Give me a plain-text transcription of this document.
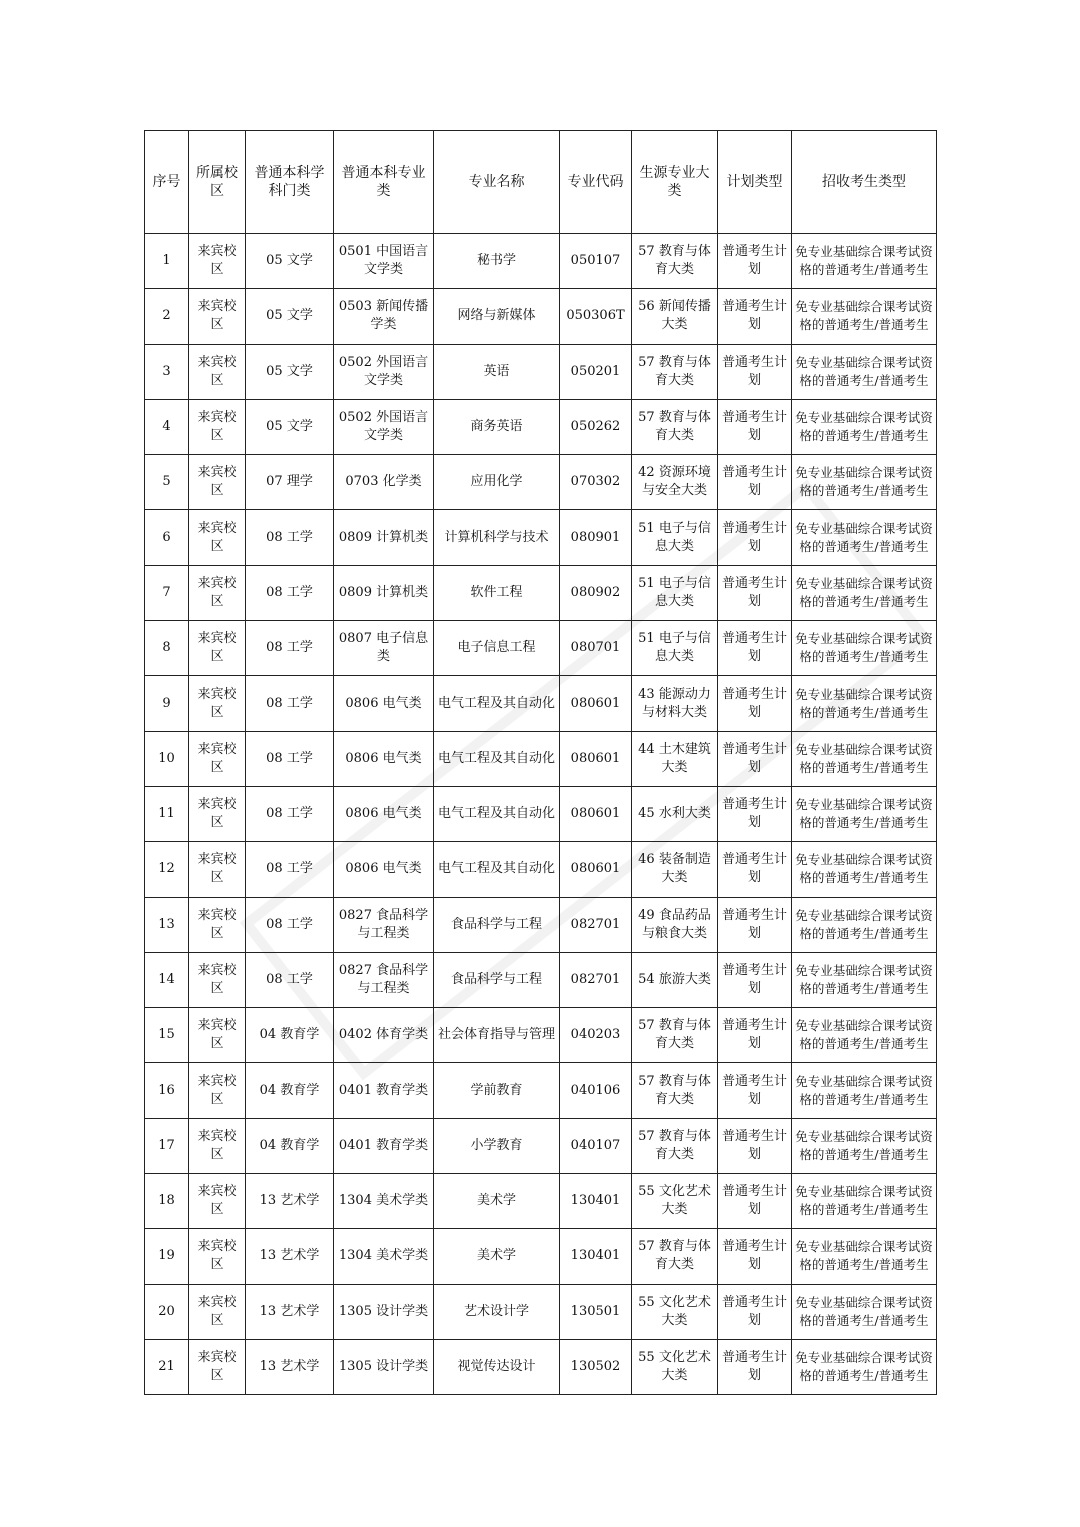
序号	所属校区	普通本科学科门类	普通本科专业类	专业名称	专业代码	生源专业大类	计划类型	招收考生类型
1	来宾校区	05 文学	0501 中国语言文学类	秘书学	050107	57 教育与体育大类	普通考生计划	免专业基础综合课考试资格的普通考生/普通考生
2	来宾校区	05 文学	0503 新闻传播学类	网络与新媒体	050306T	56 新闻传播大类	普通考生计划	免专业基础综合课考试资格的普通考生/普通考生
3	来宾校区	05 文学	0502 外国语言文学类	英语	050201	57 教育与体育大类	普通考生计划	免专业基础综合课考试资格的普通考生/普通考生
4	来宾校区	05 文学	0502 外国语言文学类	商务英语	050262	57 教育与体育大类	普通考生计划	免专业基础综合课考试资格的普通考生/普通考生
5	来宾校区	07 理学	0703 化学类	应用化学	070302	42 资源环境与安全大类	普通考生计划	免专业基础综合课考试资格的普通考生/普通考生
6	来宾校区	08 工学	0809 计算机类	计算机科学与技术	080901	51 电子与信息大类	普通考生计划	免专业基础综合课考试资格的普通考生/普通考生
7	来宾校区	08 工学	0809 计算机类	软件工程	080902	51 电子与信息大类	普通考生计划	免专业基础综合课考试资格的普通考生/普通考生
8	来宾校区	08 工学	0807 电子信息类	电子信息工程	080701	51 电子与信息大类	普通考生计划	免专业基础综合课考试资格的普通考生/普通考生
9	来宾校区	08 工学	0806 电气类	电气工程及其自动化	080601	43 能源动力与材料大类	普通考生计划	免专业基础综合课考试资格的普通考生/普通考生
10	来宾校区	08 工学	0806 电气类	电气工程及其自动化	080601	44 土木建筑大类	普通考生计划	免专业基础综合课考试资格的普通考生/普通考生
11	来宾校区	08 工学	0806 电气类	电气工程及其自动化	080601	45 水利大类	普通考生计划	免专业基础综合课考试资格的普通考生/普通考生
12	来宾校区	08 工学	0806 电气类	电气工程及其自动化	080601	46 装备制造大类	普通考生计划	免专业基础综合课考试资格的普通考生/普通考生
13	来宾校区	08 工学	0827 食品科学与工程类	食品科学与工程	082701	49 食品药品与粮食大类	普通考生计划	免专业基础综合课考试资格的普通考生/普通考生
14	来宾校区	08 工学	0827 食品科学与工程类	食品科学与工程	082701	54 旅游大类	普通考生计划	免专业基础综合课考试资格的普通考生/普通考生
15	来宾校区	04 教育学	0402 体育学类	社会体育指导与管理	040203	57 教育与体育大类	普通考生计划	免专业基础综合课考试资格的普通考生/普通考生
16	来宾校区	04 教育学	0401 教育学类	学前教育	040106	57 教育与体育大类	普通考生计划	免专业基础综合课考试资格的普通考生/普通考生
17	来宾校区	04 教育学	0401 教育学类	小学教育	040107	57 教育与体育大类	普通考生计划	免专业基础综合课考试资格的普通考生/普通考生
18	来宾校区	13 艺术学	1304 美术学类	美术学	130401	55 文化艺术大类	普通考生计划	免专业基础综合课考试资格的普通考生/普通考生
19	来宾校区	13 艺术学	1304 美术学类	美术学	130401	57 教育与体育大类	普通考生计划	免专业基础综合课考试资格的普通考生/普通考生
20	来宾校区	13 艺术学	1305 设计学类	艺术设计学	130501	55 文化艺术大类	普通考生计划	免专业基础综合课考试资格的普通考生/普通考生
21	来宾校区	13 艺术学	1305 设计学类	视觉传达设计	130502	55 文化艺术大类	普通考生计划	免专业基础综合课考试资格的普通考生/普通考生
